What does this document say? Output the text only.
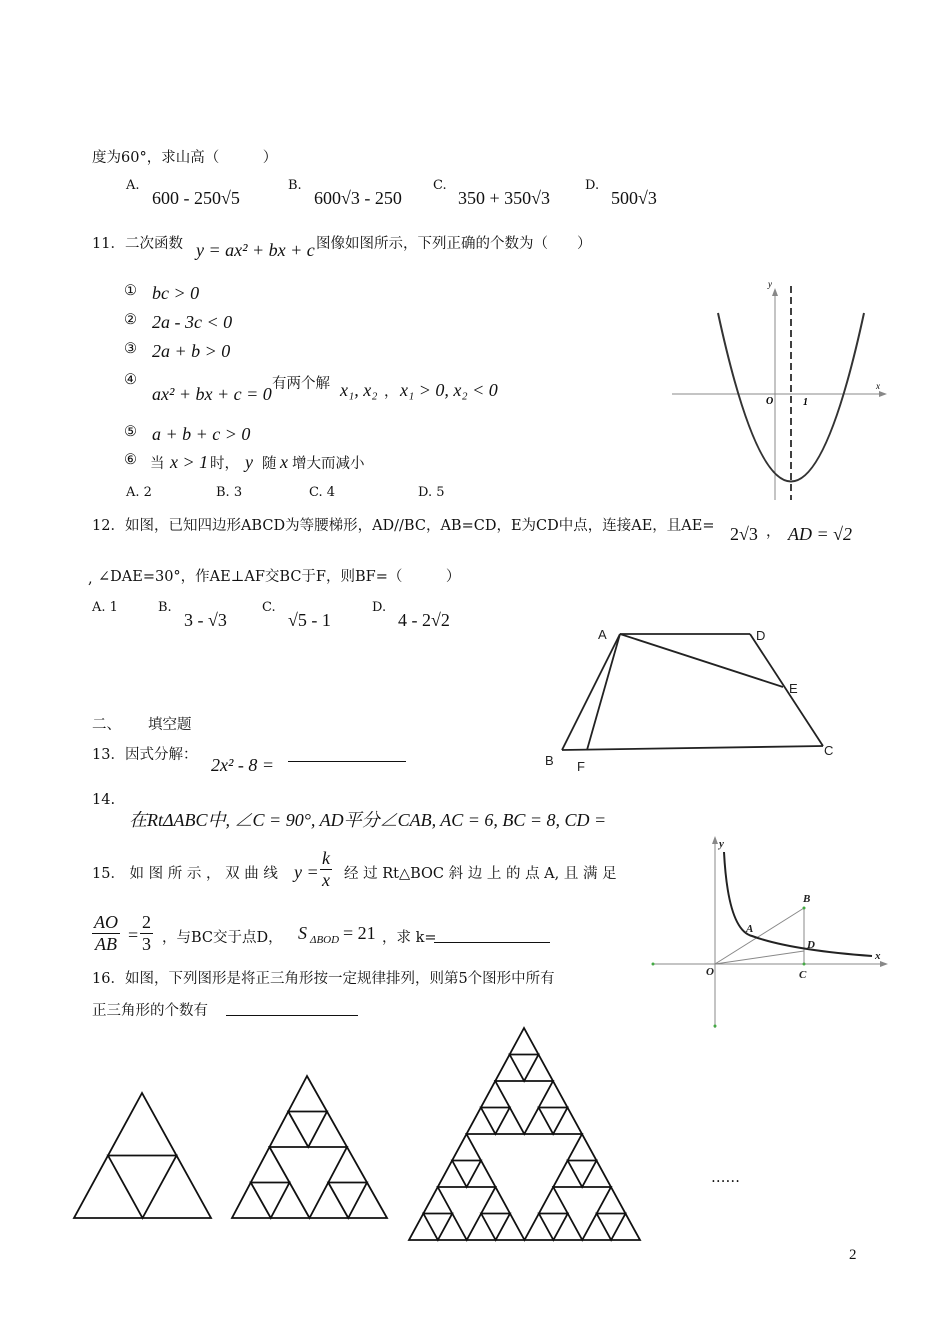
度为60°，求山高（　　　）
A.
600 - 250√5
B.
600√3 - 250
C.
350 + 350√3
D.
500√3
11．二次函数 y = ax² + bx + c 图像如图所示，下列正确的个数为（　　）
① bc > 0
② 2a - 3c < 0
③ 2a + b > 0
④
ax² + bx + c = 0 有两个解 x₁, x₂ ， x₁ > 0, x₂ < 0
⑤ a + b + c > 0
⑥ 当 x > 1 时， y 随 x 增大而减小
A. 2	B. 3	C. 4	D. 5
y
x
O	1
12．如图，已知四边形ABCD为等腰梯形，AD//BC，AB=CD，E为CD中点，连接AE，且AE= 2√3 ， AD = √2
, ∠DAE=30°，作AE⊥AF交BC于F，则BF=（　　　）
A. 1	B.
3 - √3
C.
√5 - 1
D.
4 - 2√2
A	D
E
C
B F
二、 填空题
13．因式分解： 2x² - 8 =
14.
在RtΔABC中, ∠C = 90°, AD平分∠CAB, AC = 6, BC = 8, CD =
15． 如 图 所 示 ， 双 曲 线 $y = \frac{k}{x}$ 经 过 Rt△BOC 斜 边 上 的 点 A, 且 满 足
$\frac{AO}{AB} = \frac{2}{3}$ ，与BC交于点D， S ΔBOD = 21 ，求 k=
y
x
O
A
B
C
D
16．如图，下列图形是将正三角形按一定规律排列，则第5个图形中所有
正三角形的个数有
……
2
